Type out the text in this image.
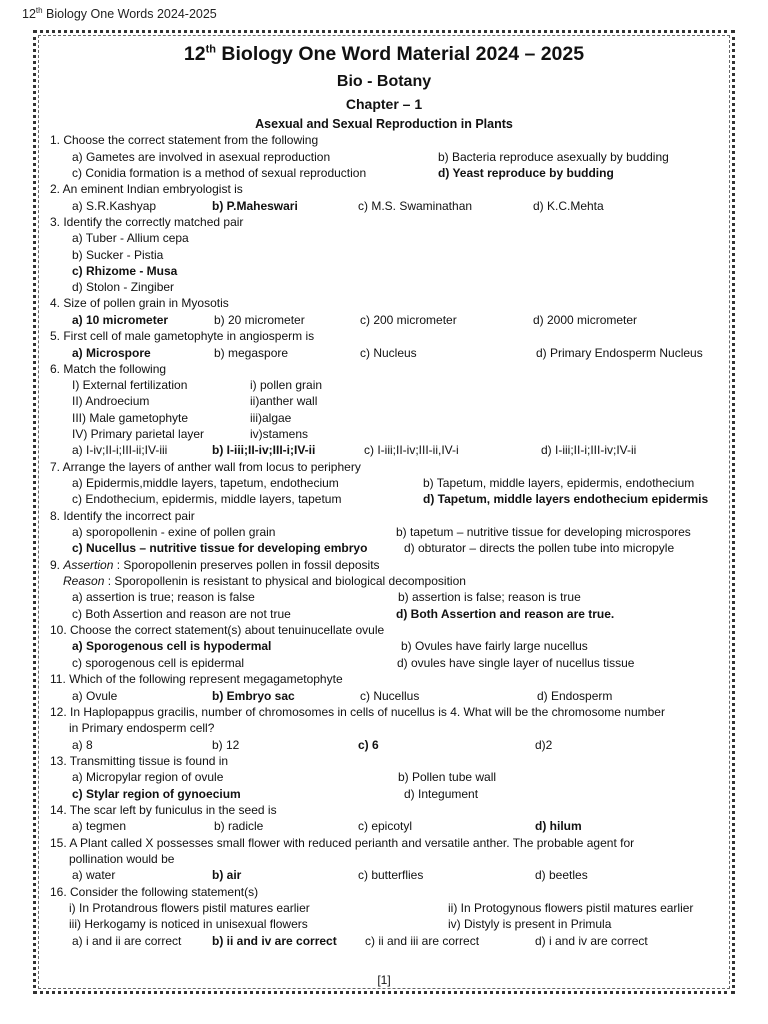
12th Biology One Words 2024-2025
12th Biology One Word Material 2024 – 2025
Bio - Botany
Chapter – 1
Asexual and Sexual Reproduction in Plants
1. Choose the correct statement from the following
a) Gametes are involved in asexual reproduction	b) Bacteria reproduce asexually by budding
c) Conidia formation is a method of sexual reproduction	d) Yeast reproduce by budding
2. An eminent Indian embryologist is
a) S.R.Kashyap	b) P.Maheswari	c) M.S. Swaminathan	d) K.C.Mehta
3. Identify the correctly matched pair
a) Tuber - Allium cepa
b) Sucker - Pistia
c) Rhizome - Musa
d) Stolon - Zingiber
4. Size of pollen grain in Myosotis
a) 10 micrometer	b) 20 micrometer	c) 200 micrometer	d) 2000 micrometer
5. First cell of male gametophyte in angiosperm is
a) Microspore	b) megaspore	c) Nucleus	d) Primary Endosperm Nucleus
6. Match the following
I) External fertilization	i) pollen grain
II) Androecium	ii)anther wall
III) Male gametophyte	iii)algae
IV) Primary parietal layer	iv)stamens
a) I-iv;II-i;III-ii;IV-iii	b) I-iii;II-iv;III-i;IV-ii	c) I-iii;II-iv;III-ii,IV-i	d) I-iii;II-i;III-iv;IV-ii
7. Arrange the layers of anther wall from locus to periphery
a) Epidermis,middle layers, tapetum, endothecium	b) Tapetum, middle layers, epidermis, endothecium
c) Endothecium, epidermis, middle layers, tapetum	d) Tapetum, middle layers endothecium epidermis
8. Identify the incorrect pair
a) sporopollenin - exine of pollen grain	b) tapetum – nutritive tissue for developing microspores
c) Nucellus – nutritive tissue for developing embryo	d) obturator – directs the pollen tube into micropyle
9. Assertion : Sporopollenin preserves pollen in fossil deposits
Reason : Sporopollenin is resistant to physical and biological decomposition
a) assertion is true; reason is false	b) assertion is false; reason is true
c) Both Assertion and reason are not true	d) Both Assertion and reason are true.
10. Choose the correct statement(s) about tenuinucellate ovule
a) Sporogenous cell is hypodermal	b) Ovules have fairly large nucellus
c) sporogenous cell is epidermal	d) ovules have single layer of nucellus tissue
11. Which of the following represent megagametophyte
a) Ovule	b) Embryo sac	c) Nucellus	d) Endosperm
12. In Haplopappus gracilis, number of chromosomes in cells of nucellus is 4. What will be the chromosome number
in Primary endosperm cell?
a) 8	b) 12	c) 6	d)2
13. Transmitting tissue is found in
a) Micropylar region of ovule	b) Pollen tube wall
c) Stylar region of gynoecium	d) Integument
14. The scar left by funiculus in the seed is
a) tegmen	b) radicle	c) epicotyl	d) hilum
15. A Plant called X possesses small flower with reduced perianth and versatile anther. The probable agent for
pollination would be
a) water	b) air	c) butterflies	d) beetles
16. Consider the following statement(s)
i) In Protandrous flowers pistil matures earlier	ii) In Protogynous flowers pistil matures earlier
iii) Herkogamy is noticed in unisexual flowers	iv) Distyly is present in Primula
a) i and ii are correct	b) ii and iv are correct c) ii and iii are correct	d) i and iv are correct
[1]
